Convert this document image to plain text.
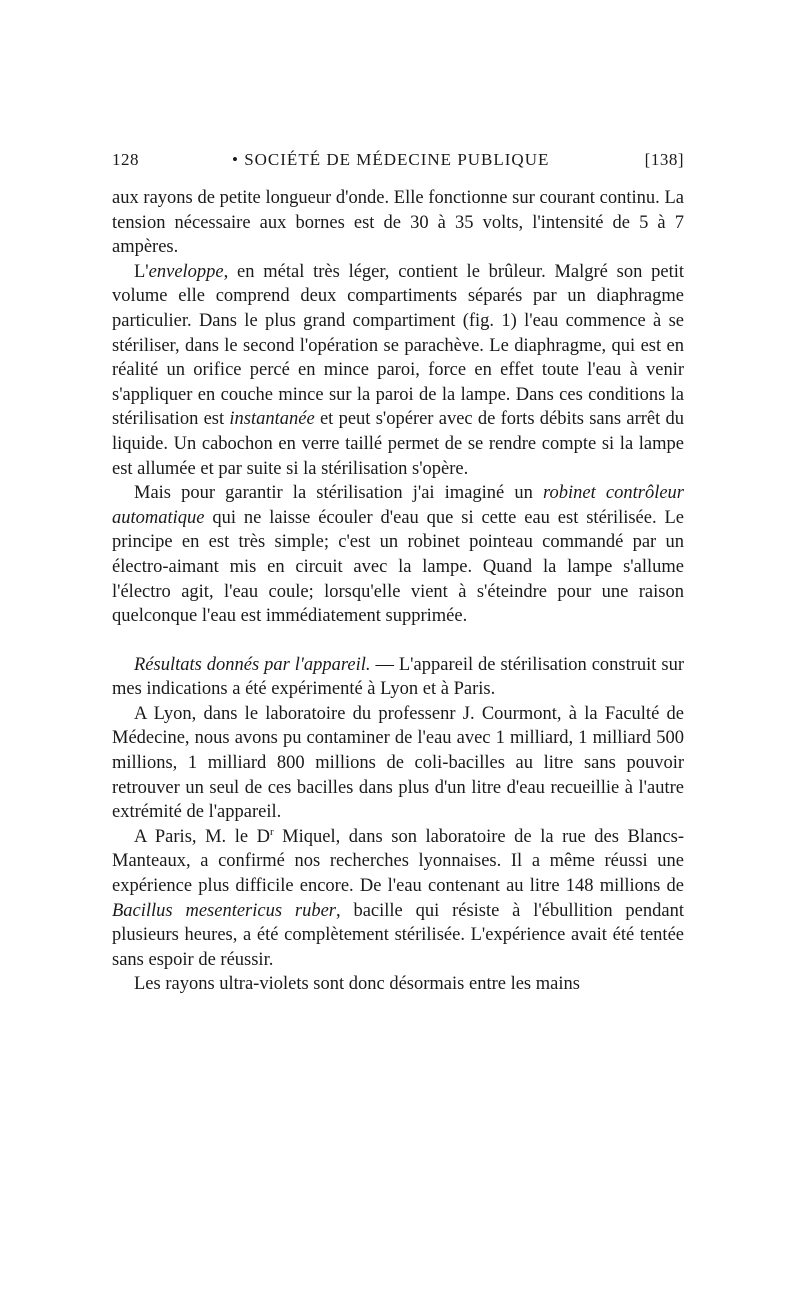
128	• SOCIÉTÉ DE MÉDECINE PUBLIQUE	[138]

aux rayons de petite longueur d'onde. Elle fonctionne sur courant continu. La tension nécessaire aux bornes est de 30 à 35 volts, l'intensité de 5 à 7 ampères.

L'enveloppe, en métal très léger, contient le brûleur. Malgré son petit volume elle comprend deux compartiments séparés par un diaphragme particulier. Dans le plus grand compartiment (fig. 1) l'eau commence à se stériliser, dans le second l'opération se parachève. Le diaphragme, qui est en réalité un orifice percé en mince paroi, force en effet toute l'eau à venir s'appliquer en couche mince sur la paroi de la lampe. Dans ces conditions la stérilisation est instantanée et peut s'opérer avec de forts débits sans arrêt du liquide. Un cabochon en verre taillé permet de se rendre compte si la lampe est allumée et par suite si la stérilisation s'opère.

Mais pour garantir la stérilisation j'ai imaginé un robinet contrôleur automatique qui ne laisse écouler d'eau que si cette eau est stérilisée. Le principe en est très simple; c'est un robinet pointeau commandé par un électro-aimant mis en circuit avec la lampe. Quand la lampe s'allume l'électro agit, l'eau coule; lorsqu'elle vient à s'éteindre pour une raison quelconque l'eau est immédiatement supprimée.

Résultats donnés par l'appareil. — L'appareil de stérilisation construit sur mes indications a été expérimenté à Lyon et à Paris.

A Lyon, dans le laboratoire du professenr J. Courmont, à la Faculté de Médecine, nous avons pu contaminer de l'eau avec 1 milliard, 1 milliard 500 millions, 1 milliard 800 millions de coli-bacilles au litre sans pouvoir retrouver un seul de ces bacilles dans plus d'un litre d'eau recueillie à l'autre extrémité de l'appareil.

A Paris, M. le $D^r$ Miquel, dans son laboratoire de la rue des Blancs-Manteaux, a confirmé nos recherches lyonnaises. Il a même réussi une expérience plus difficile encore. De l'eau contenant au litre 148 millions de Bacillus mesentericus ruber, bacille qui résiste à l'ébullition pendant plusieurs heures, a été complètement stérilisée. L'expérience avait été tentée sans espoir de réussir.

Les rayons ultra-violets sont donc désormais entre les mains
